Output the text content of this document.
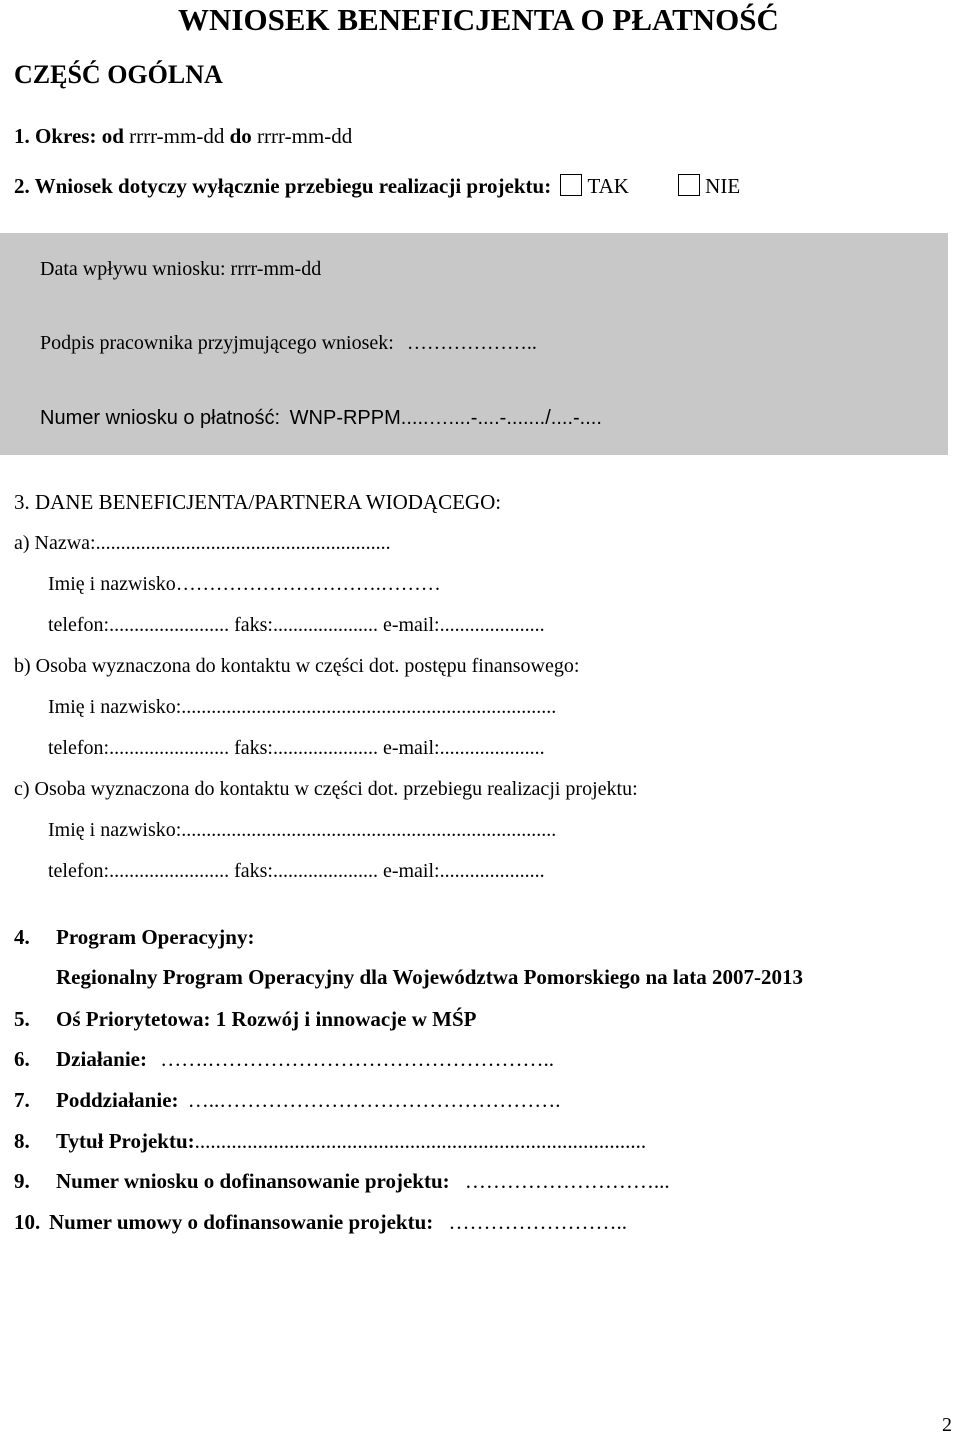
WNIOSEK BENEFICJENTA O PŁATNOŚĆ
CZĘŚĆ OGÓLNA
1. Okres: od rrrr-mm-dd do rrrr-mm-dd
2. Wniosek dotyczy wyłącznie przebiegu realizacji projektu: TAK	NIE
Data wpływu wniosku: rrrr-mm-dd
Podpis pracownika przyjmującego wniosek: ………………..
Numer wniosku o płatność: WNP-RPPM.....…....-....-......./....-....
3. DANE BENEFICJENTA/PARTNERA WIODĄCEGO:
a) Nazwa:...........................................................
Imię i nazwisko………………………….………
telefon:........................ faks:..................... e-mail:.....................
b) Osoba wyznaczona do kontaktu w części dot. postępu finansowego:
Imię i nazwisko:...........................................................................
telefon:........................ faks:..................... e-mail:.....................
c) Osoba wyznaczona do kontaktu w części dot. przebiegu realizacji projektu:
Imię i nazwisko:...........................................................................
telefon:........................ faks:..................... e-mail:.....................
4. Program Operacyjny:
Regionalny Program Operacyjny dla Województwa Pomorskiego na lata 2007-2013
5. Oś Priorytetowa: 1 Rozwój i innowacje w MŚP
6. Działanie: …….…………………………………………..
7. Poddziałanie: …..………………………………………….
8. Tytuł Projektu:......................................................................................
9. Numer wniosku o dofinansowanie projektu: ………………………...
10. Numer umowy o dofinansowanie projektu: ……………………..
2
